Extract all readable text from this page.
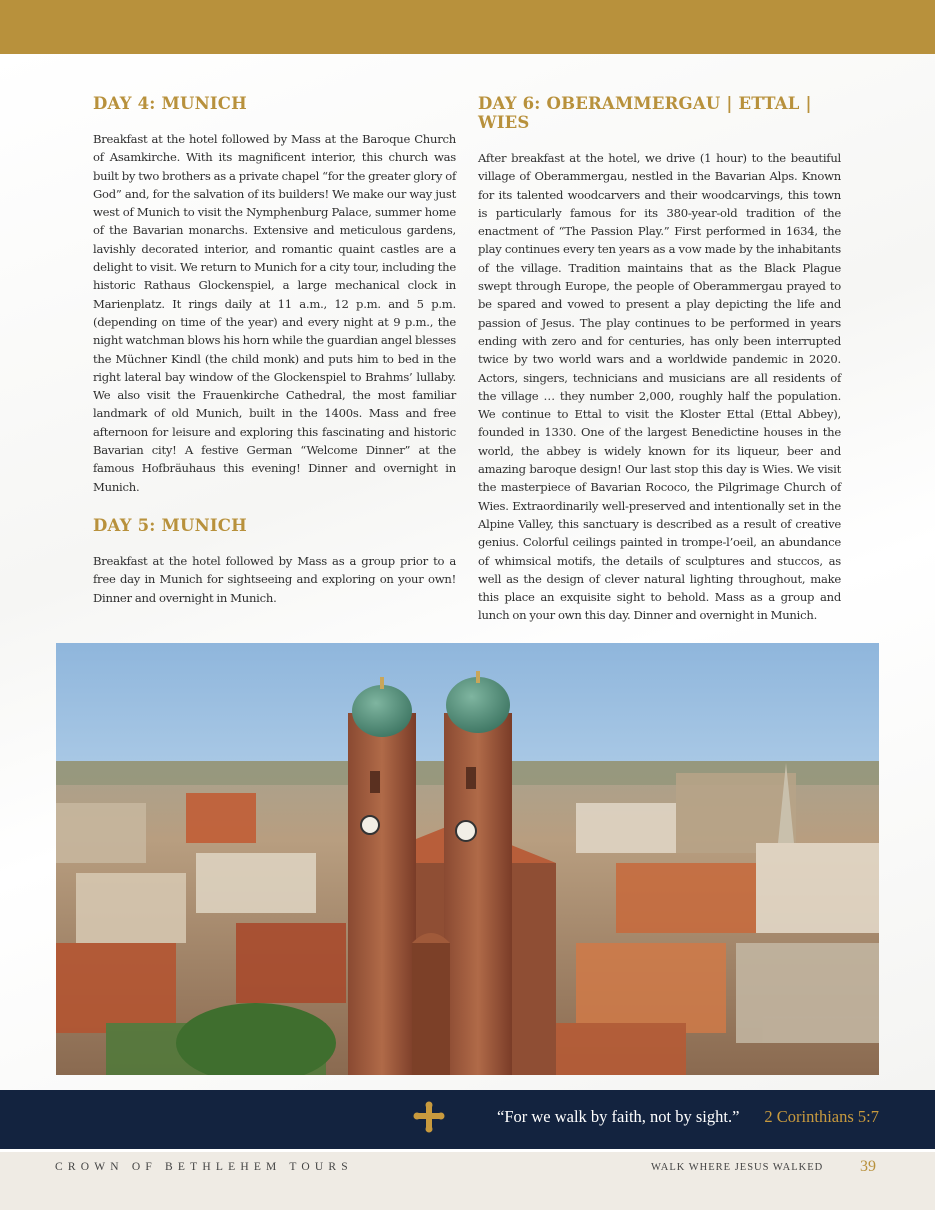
DAY 4: MUNICH

Breakfast at the hotel followed by Mass at the Baroque Church of Asamkirche. With its magnificent interior, this church was built by two brothers as a private chapel “for the greater glory of God” and, for the salvation of its builders! We make our way just west of Munich to visit the Nymphenburg Palace, summer home of the Bavarian monarchs. Extensive and meticulous gardens, lavishly decorated interior, and romantic quaint castles are a delight to visit. We return to Munich for a city tour, including the historic Rathaus Glockenspiel, a large mechanical clock in Marienplatz. It rings daily at 11 a.m., 12 p.m. and 5 p.m. (depending on time of the year) and every night at 9 p.m., the night watchman blows his horn while the guardian angel blesses the Müchner Kindl (the child monk) and puts him to bed in the right lateral bay window of the Glockenspiel to Brahms’ lullaby. We also visit the Frauenkirche Cathedral, the most familiar landmark of old Munich, built in the 1400s. Mass and free afternoon for leisure and exploring this fascinating and historic Bavarian city! A festive German “Welcome Dinner” at the famous Hofbräuhaus this evening! Dinner and overnight in Munich.

DAY 5: MUNICH

Breakfast at the hotel followed by Mass as a group prior to a free day in Munich for sightseeing and exploring on your own! Dinner and overnight in Munich.

DAY 6: OBERAMMERGAU | ETTAL | WIES

After breakfast at the hotel, we drive (1 hour) to the beautiful village of Oberammergau, nestled in the Bavarian Alps. Known for its talented woodcarvers and their woodcarvings, this town is particularly famous for its 380-year-old tradition of the enactment of “The Passion Play.” First performed in 1634, the play continues every ten years as a vow made by the inhabitants of the village. Tradition maintains that as the Black Plague swept through Europe, the people of Oberammergau prayed to be spared and vowed to present a play depicting the life and passion of Jesus. The play continues to be performed in years ending with zero and for centuries, has only been interrupted twice by two world wars and a worldwide pandemic in 2020. Actors, singers, technicians and musicians are all residents of the village … they number 2,000, roughly half the population. We continue to Ettal to visit the Kloster Ettal (Ettal Abbey), founded in 1330. One of the largest Benedictine houses in the world, the abbey is widely known for its liqueur, beer and amazing baroque design! Our last stop this day is Wies. We visit the masterpiece of Bavarian Rococo, the Pilgrimage Church of Wies. Extraordinarily well-preserved and intentionally set in the Alpine Valley, this sanctuary is described as a result of creative genius. Colorful ceilings painted in trompe-l’oeil, an abundance of whimsical motifs, the details of sculptures and stuccos, as well as the design of clever natural lighting throughout, make this place an exquisite sight to behold. Mass as a group and lunch on your own this day. Dinner and overnight in Munich.

“For we walk by faith, not by sight.” 2 Corinthians 5:7
CROWN OF BETHLEHEM TOURS	WALK WHERE JESUS WALKED 39
